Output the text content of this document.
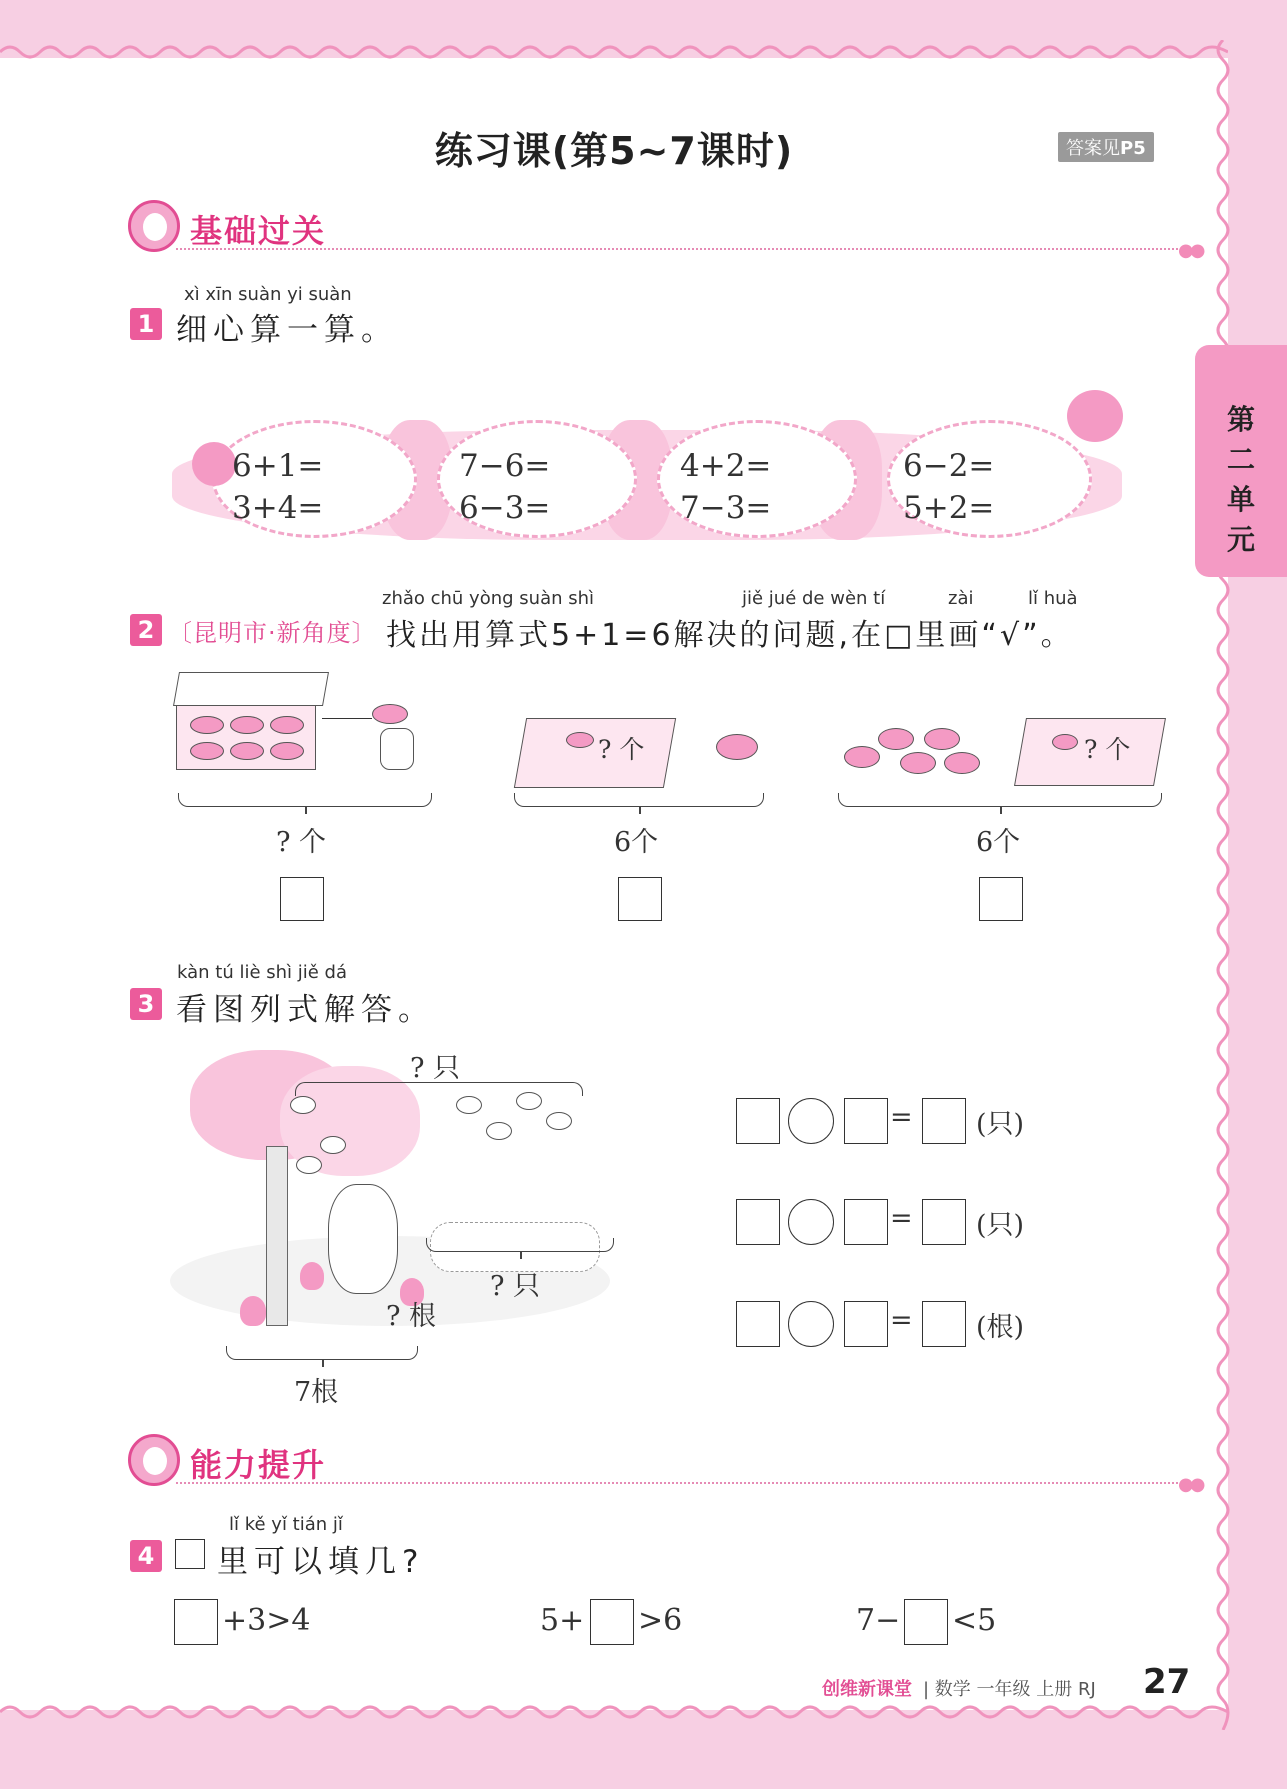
练习课(第5~7课时)	答案见P5
第二单元
基础过关
●●
xì xīn suàn yi suàn
1 细心算一算。
6+1=
3+4=
7−6=
6−3=
4+2=
7−3=
6−2=
5+2=
zhǎo chū yòng suàn shì	jiě jué de wèn tí	zài	lǐ huà
2 〔昆明市·新角度〕 找出用算式5+1=6解决的问题,在□里画“√”。
? 个
? 个
6个
? 个
6个
kàn tú liè shì jiě dá
3 看图列式解答。
? 只
? 只
? 根
7根
= (只)
= (只)
= (根)
能力提升
●●
lǐ kě yǐ tián jǐ
4 里可以填几?
+3>4	5+ >6	7− <5
创维新课堂 | 数学 一年级 上册 RJ 27
